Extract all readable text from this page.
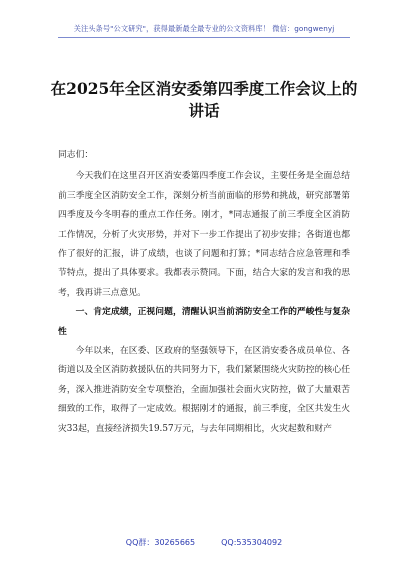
关注头条号"公文研究"，获得最新最全最专业的公文资料库！ 微信：gongwenyj
在2025年全区消安委第四季度工作会议上的讲话

同志们：

今天我们在这里召开区消安委第四季度工作会议，主要任务是全面总结前三季度全区消防安全工作，深刻分析当前面临的形势和挑战，研究部署第四季度及今冬明春的重点工作任务。刚才，*同志通报了前三季度全区消防工作情况，分析了火灾形势，并对下一步工作提出了初步安排；各街道也都作了很好的汇报，讲了成绩，也谈了问题和打算；*同志结合应急管理和季节特点，提出了具体要求。我都表示赞同。下面，结合大家的发言和我的思考，我再讲三点意见。

一、肯定成绩，正视问题，清醒认识当前消防安全工作的严峻性与复杂性

今年以来，在区委、区政府的坚强领导下，在区消安委各成员单位、各街道以及全区消防救援队伍的共同努力下，我们紧紧围绕火灾防控的核心任务，深入推进消防安全专项整治，全面加强社会面火灾防控，做了大量艰苦细致的工作，取得了一定成效。根据刚才的通报，前三季度，全区共发生火灾33起，直接经济损失19.57万元，与去年同期相比，火灾起数和财产

QQ群：30265665	QQ:535304092
